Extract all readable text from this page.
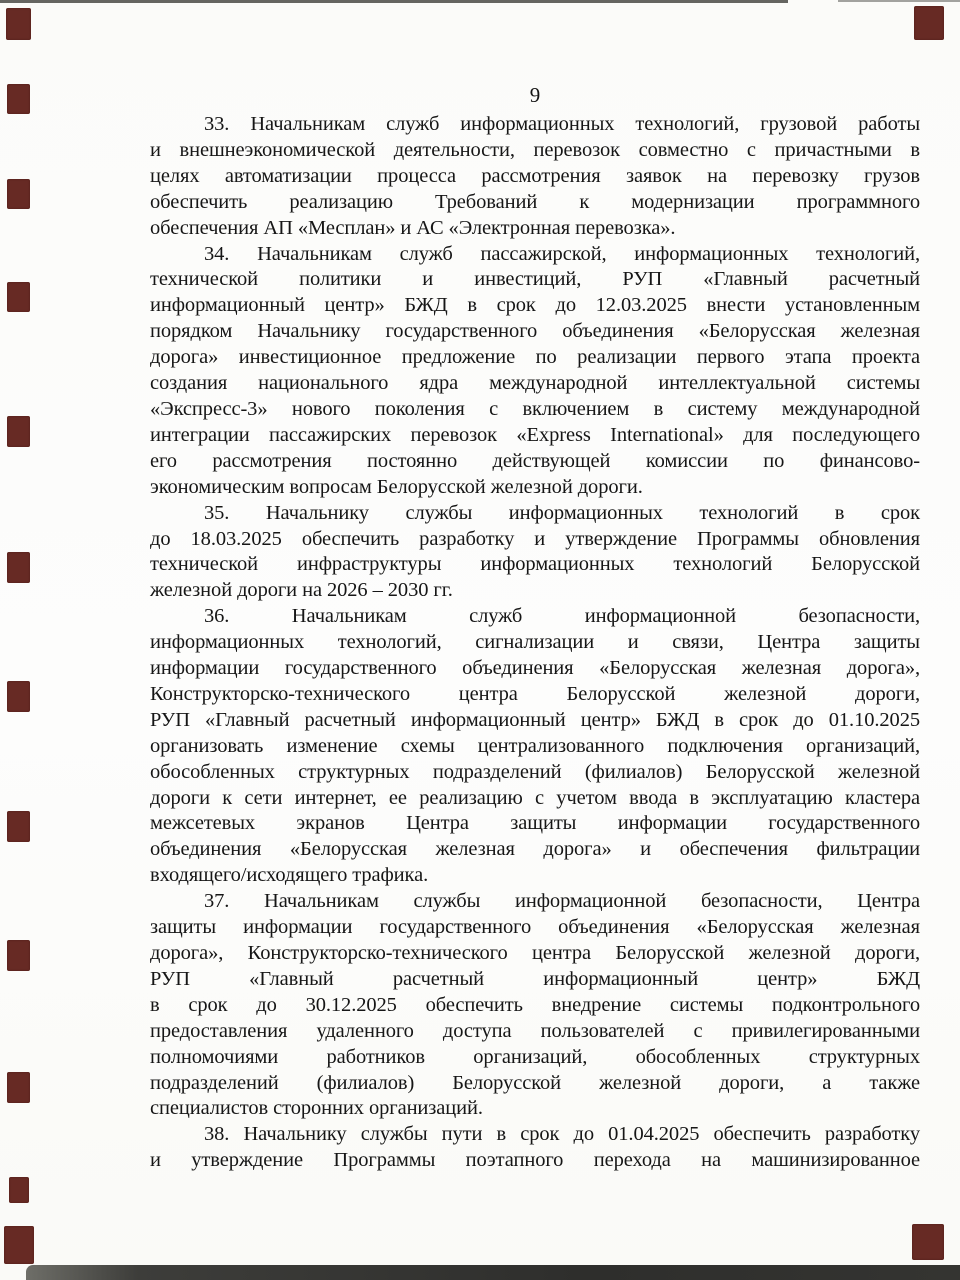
9
33. Начальникам служб информационных технологий, грузовой работы
и внешнеэкономической деятельности, перевозок совместно с причастными в
целях автоматизации процесса рассмотрения заявок на перевозку грузов
обеспечить реализацию Требований к модернизации программного
обеспечения АП «Месплан» и АС «Электронная перевозка».
34. Начальникам служб пассажирской, информационных технологий,
технической политики и инвестиций, РУП «Главный расчетный
информационный центр» БЖД в срок до 12.03.2025 внести установленным
порядком Начальнику государственного объединения «Белорусская железная
дорога» инвестиционное предложение по реализации первого этапа проекта
создания национального ядра международной интеллектуальной системы
«Экспресс-3» нового поколения с включением в систему международной
интеграции пассажирских перевозок «Express International» для последующего
его рассмотрения постоянно действующей комиссии по финансово-
экономическим вопросам Белорусской железной дороги.
35. Начальнику службы информационных технологий в срок
до 18.03.2025 обеспечить разработку и утверждение Программы обновления
технической инфраструктуры информационных технологий Белорусской
железной дороги на 2026 – 2030 гг.
36. Начальникам служб информационной безопасности,
информационных технологий, сигнализации и связи, Центра защиты
информации государственного объединения «Белорусская железная дорога»,
Конструкторско-технического центра Белорусской железной дороги,
РУП «Главный расчетный информационный центр» БЖД в срок до 01.10.2025
организовать изменение схемы централизованного подключения организаций,
обособленных структурных подразделений (филиалов) Белорусской железной
дороги к сети интернет, ее реализацию с учетом ввода в эксплуатацию кластера
межсетевых экранов Центра защиты информации государственного
объединения «Белорусская железная дорога» и обеспечения фильтрации
входящего/исходящего трафика.
37. Начальникам службы информационной безопасности, Центра
защиты информации государственного объединения «Белорусская железная
дорога», Конструкторско-технического центра Белорусской железной дороги,
РУП «Главный расчетный информационный центр» БЖД
в срок до 30.12.2025 обеспечить внедрение системы подконтрольного
предоставления удаленного доступа пользователей с привилегированными
полномочиями работников организаций, обособленных структурных
подразделений (филиалов) Белорусской железной дороги, а также
специалистов сторонних организаций.
38. Начальнику службы пути в срок до 01.04.2025 обеспечить разработку
и утверждение Программы поэтапного перехода на машинизированное
